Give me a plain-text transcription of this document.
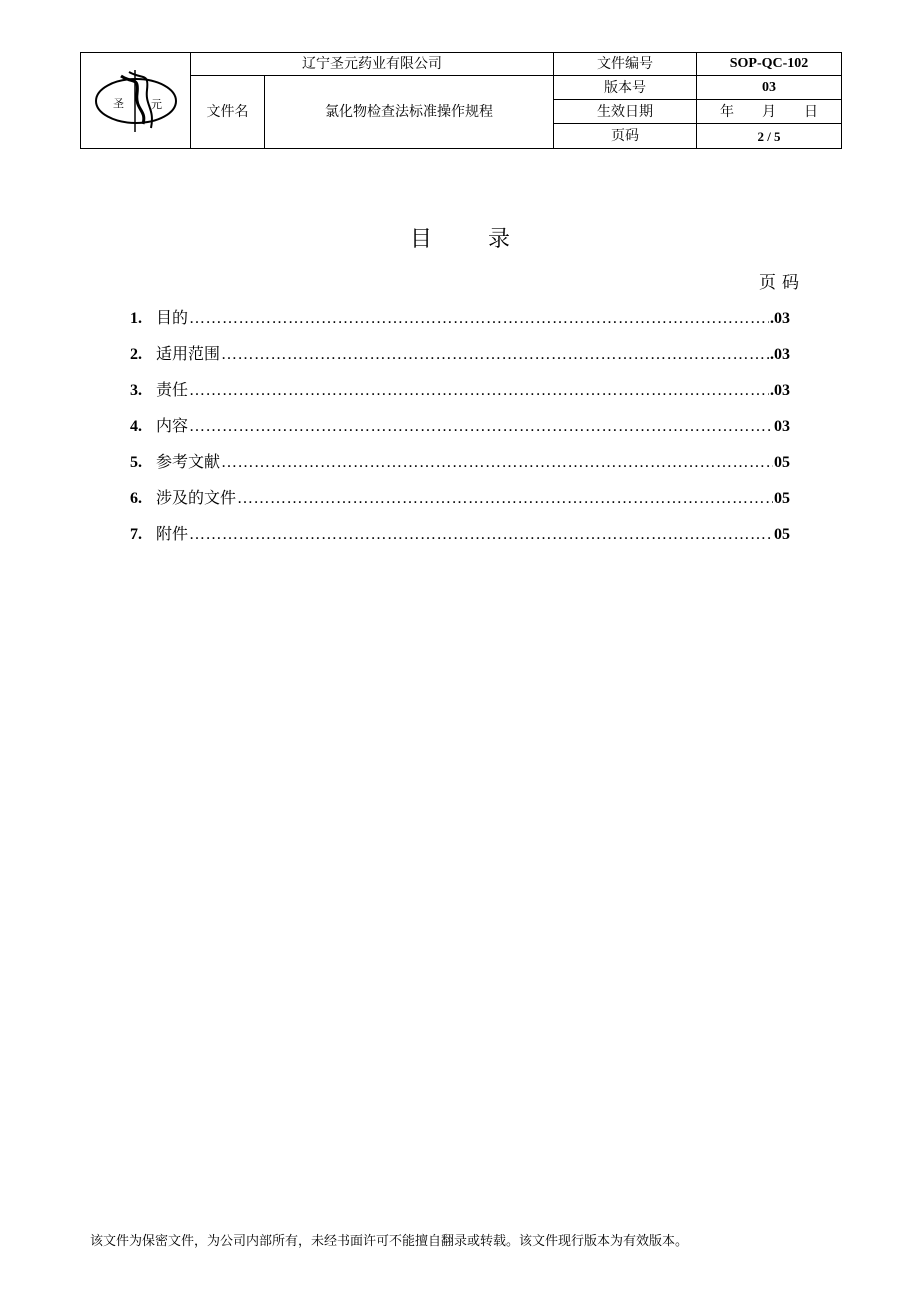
圣 元	辽宁圣元药业有限公司		文件编号	SOP-QC-102
	文件名	氯化物检查法标准操作规程	版本号	03
			生效日期	年　　月　　日
			页码	2 / 5
目	录
页码
1. 目的 ……………………………………………………………………………………………………………………………………………………………………	.03
2. 适用范围 ……………………………………………………………………………………………………………………………………………………………………	.03
3. 责任 ……………………………………………………………………………………………………………………………………………………………………	.03
4. 内容 ……………………………………………………………………………………………………………………………………………………………………	03
5. 参考文献 ……………………………………………………………………………………………………………………………………………………………………	05
6. 涉及的文件 ……………………………………………………………………………………………………………………………………………………………………	05
7. 附件 ……………………………………………………………………………………………………………………………………………………………………	05
该文件为保密文件，为公司内部所有，未经书面许可不能擅自翻录或转载。该文件现行版本为有效版本。
